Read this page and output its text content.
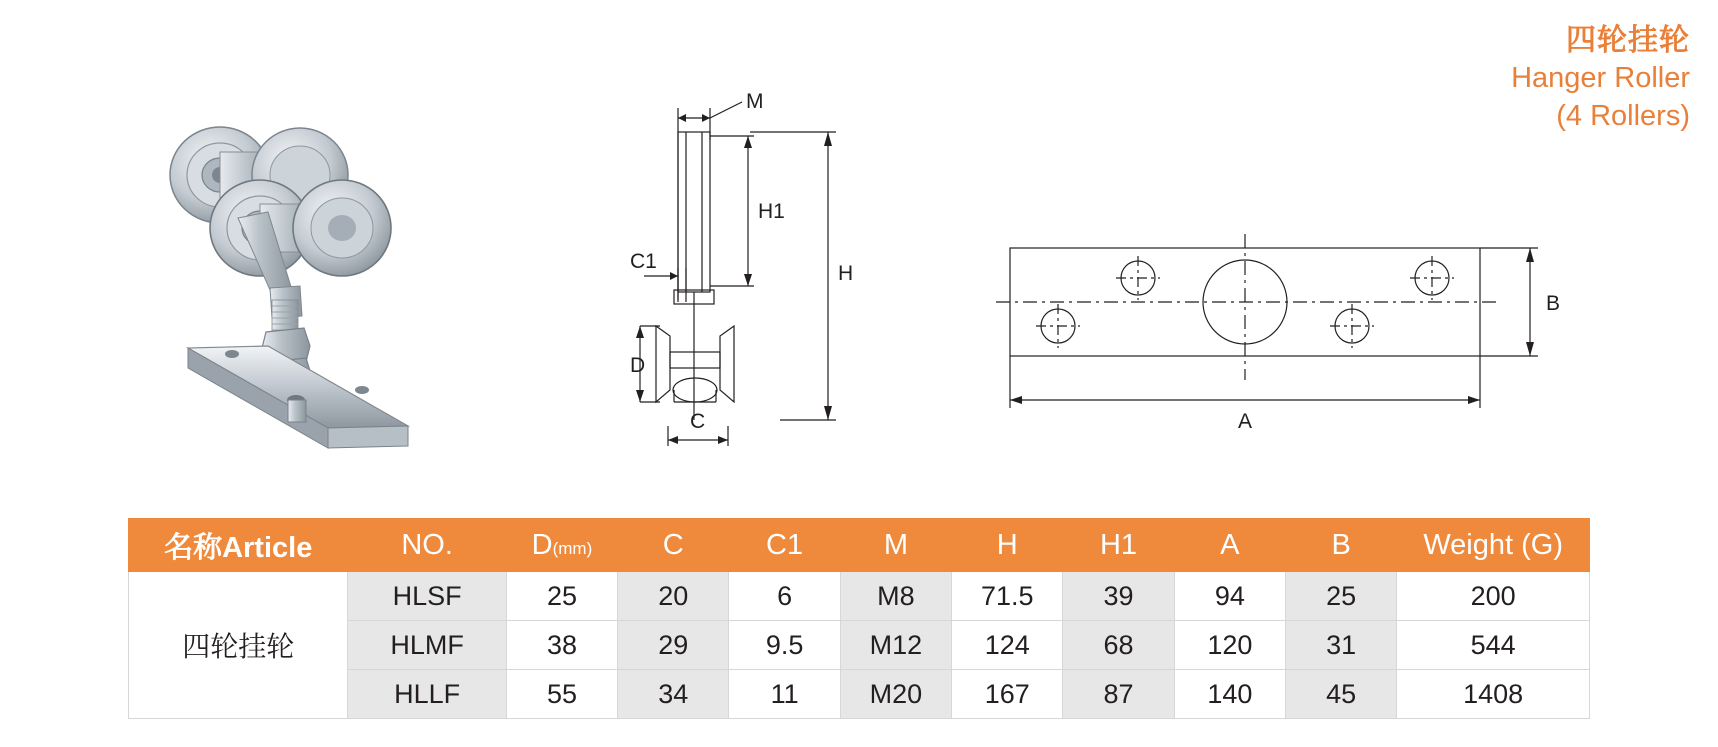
四轮挂轮
Hanger Roller
(4 Rollers)
M
H1
H
C1
D
C
B
A
名称Article	NO.	D(mm)	C	C1	M	H	H1	A	B	Weight (G)
四轮挂轮	HLSF	25	20	6	M8	71.5	39	94	25	200
	HLMF	38	29	9.5	M12	124	68	120	31	544
	HLLF	55	34	11	M20	167	87	140	45	1408
